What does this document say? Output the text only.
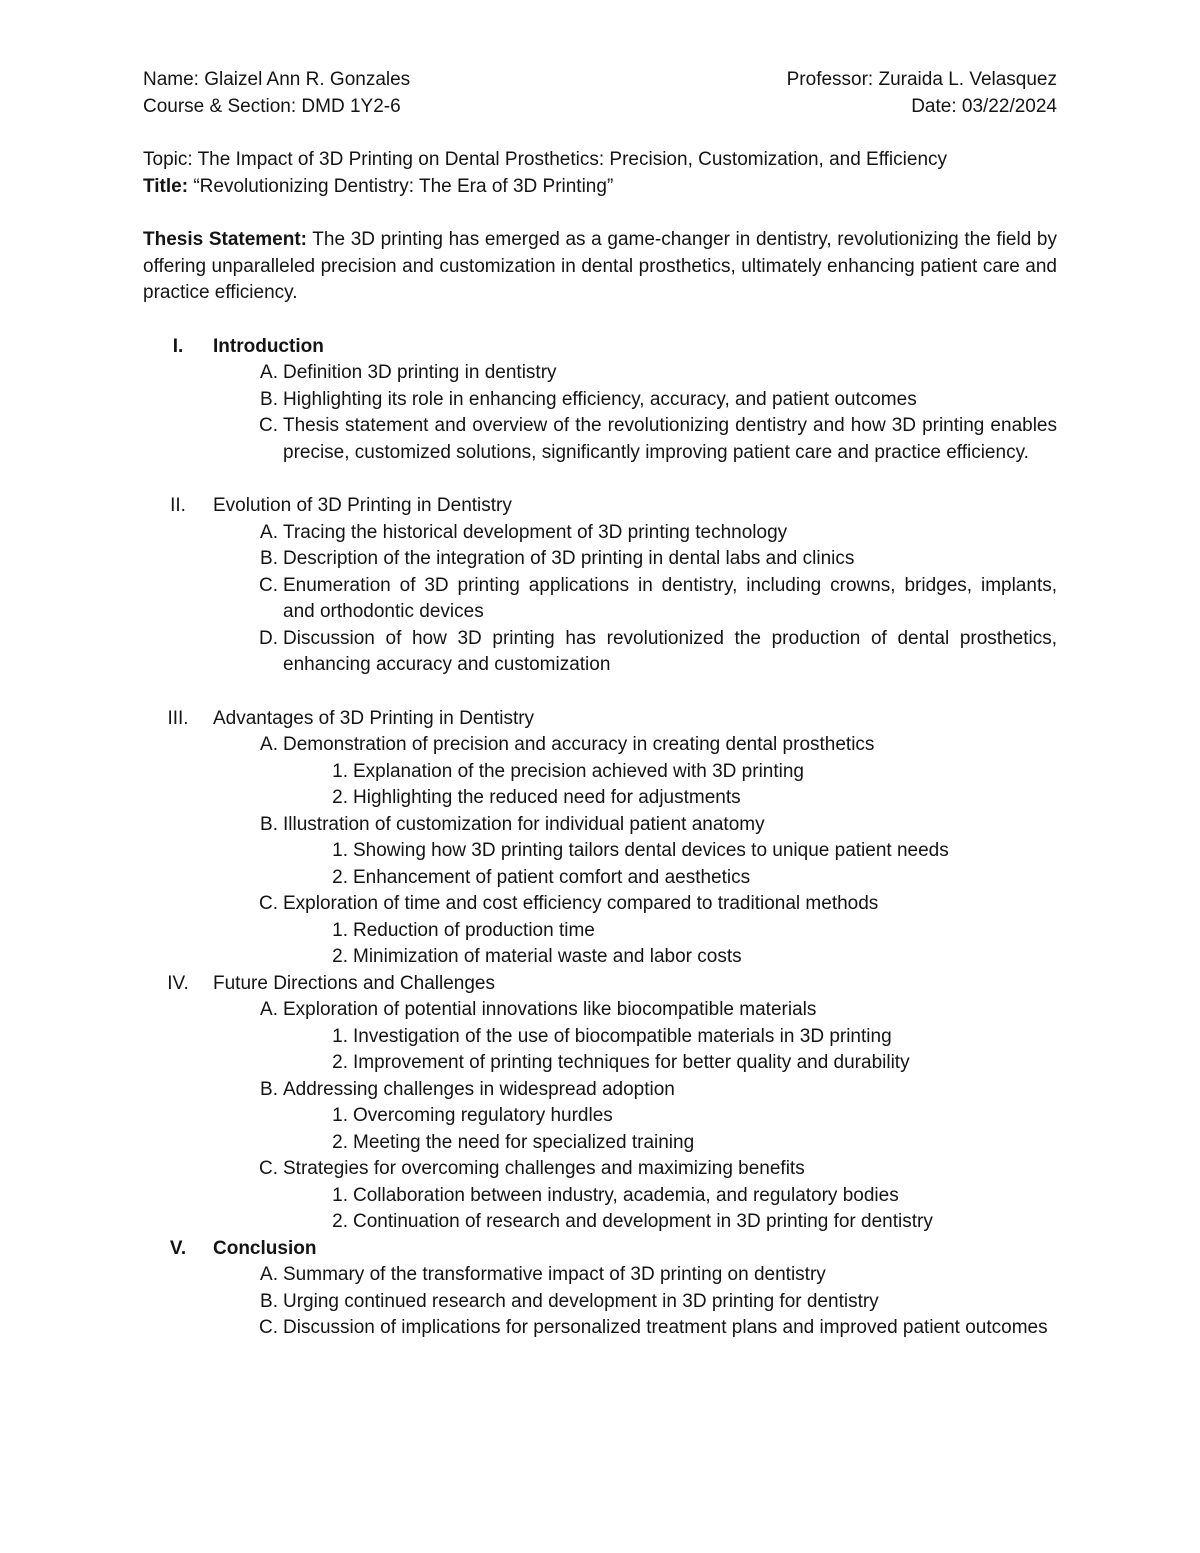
Name: Glaizel Ann R. Gonzales	Professor: Zuraida L. Velasquez
Course & Section: DMD 1Y2-6	Date: 03/22/2024
Topic: The Impact of 3D Printing on Dental Prosthetics: Precision, Customization, and Efficiency
Title: “Revolutionizing Dentistry: The Era of 3D Printing”
Thesis Statement: The 3D printing has emerged as a game-changer in dentistry, revolutionizing the field by offering unparalleled precision and customization in dental prosthetics, ultimately enhancing patient care and practice efficiency.
I.	Introduction
A. Definition 3D printing in dentistry
B. Highlighting its role in enhancing efficiency, accuracy, and patient outcomes
C. Thesis statement and overview of the revolutionizing dentistry and how 3D printing enables precise, customized solutions, significantly improving patient care and practice efficiency.
II.	Evolution of 3D Printing in Dentistry
A. Tracing the historical development of 3D printing technology
B. Description of the integration of 3D printing in dental labs and clinics
C. Enumeration of 3D printing applications in dentistry, including crowns, bridges, implants, and orthodontic devices
D. Discussion of how 3D printing has revolutionized the production of dental prosthetics, enhancing accuracy and customization
III.	Advantages of 3D Printing in Dentistry
A. Demonstration of precision and accuracy in creating dental prosthetics
1. Explanation of the precision achieved with 3D printing
2. Highlighting the reduced need for adjustments
B. Illustration of customization for individual patient anatomy
1. Showing how 3D printing tailors dental devices to unique patient needs
2. Enhancement of patient comfort and aesthetics
C. Exploration of time and cost efficiency compared to traditional methods
1. Reduction of production time
2. Minimization of material waste and labor costs
IV.	Future Directions and Challenges
A. Exploration of potential innovations like biocompatible materials
1. Investigation of the use of biocompatible materials in 3D printing
2. Improvement of printing techniques for better quality and durability
B. Addressing challenges in widespread adoption
1. Overcoming regulatory hurdles
2. Meeting the need for specialized training
C. Strategies for overcoming challenges and maximizing benefits
1. Collaboration between industry, academia, and regulatory bodies
2. Continuation of research and development in 3D printing for dentistry
V.	Conclusion
A. Summary of the transformative impact of 3D printing on dentistry
B. Urging continued research and development in 3D printing for dentistry
C. Discussion of implications for personalized treatment plans and improved patient outcomes
